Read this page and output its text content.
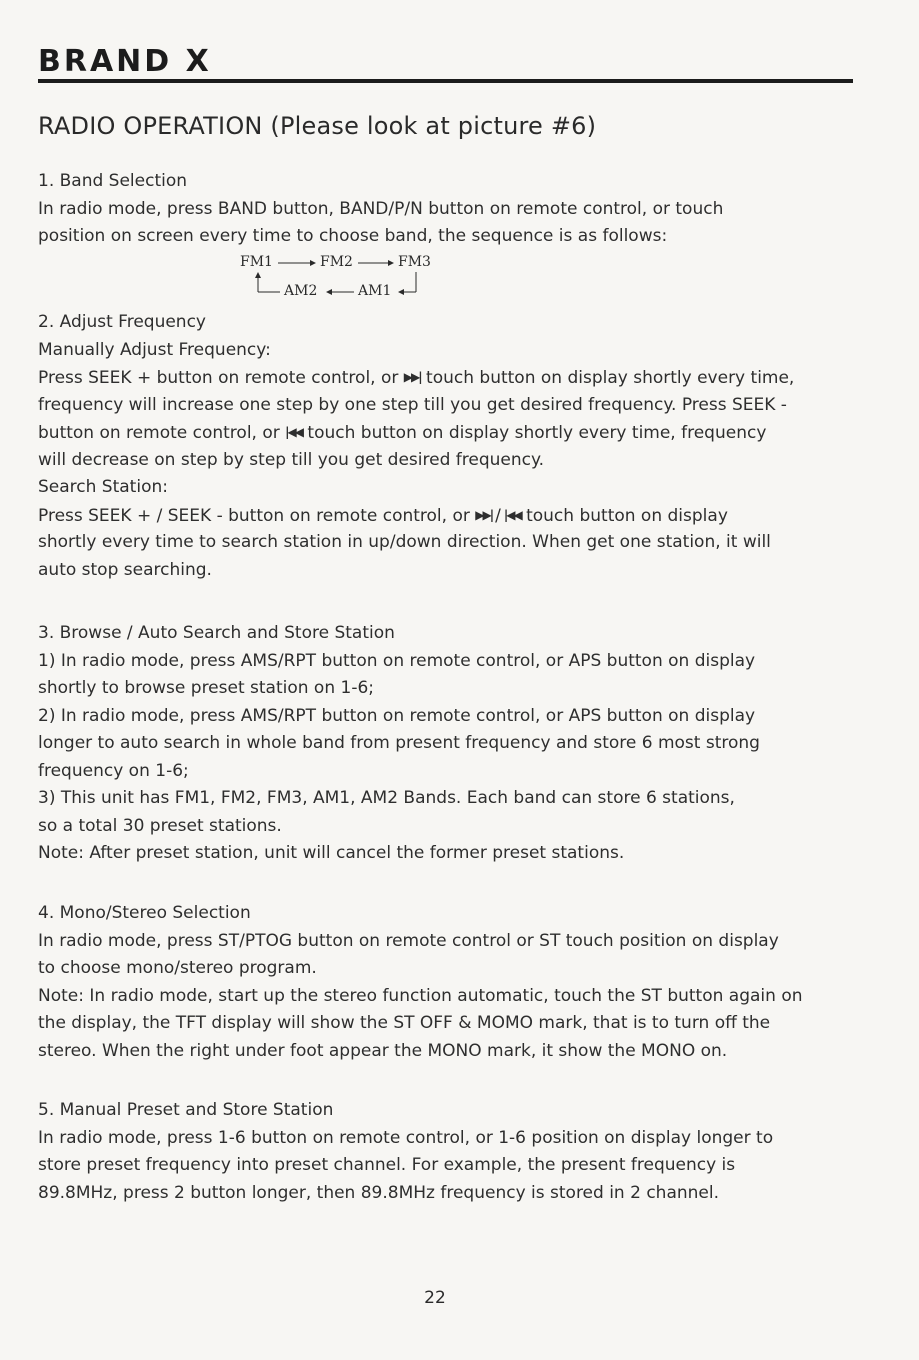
BRAND X
RADIO OPERATION (Please look at picture #6)
1. Band Selection
In radio mode, press BAND button, BAND/P/N button on remote control, or touch
position on screen every time to choose band, the sequence is as follows:
FM1	FM2	FM3
AM2	AM1
2. Adjust Frequency
Manually Adjust Frequency:
Press SEEK + button on remote control, or ▶▶| touch button on display shortly every time,
frequency will increase one step by one step till you get desired frequency. Press SEEK -
button on remote control, or |◀◀ touch button on display shortly every time, frequency
will decrease on step by step till you get desired frequency.
Search Station:
Press SEEK + / SEEK - button on remote control, or ▶▶| / |◀◀ touch button on display
shortly every time to search station in up/down direction. When get one station, it will
auto stop searching.
3. Browse / Auto Search and Store Station
1) In radio mode, press AMS/RPT button on remote control, or APS button on display
shortly to browse preset station on 1-6;
2) In radio mode, press AMS/RPT button on remote control, or APS button on display
longer to auto search in whole band from present frequency and store 6 most strong
frequency on 1-6;
3) This unit has FM1, FM2, FM3, AM1, AM2 Bands. Each band can store 6 stations,
so a total 30 preset stations.
Note: After preset station, unit will cancel the former preset stations.
4. Mono/Stereo Selection
In radio mode, press ST/PTOG button on remote control or ST touch position on display
to choose mono/stereo program.
Note: In radio mode, start up the stereo function automatic, touch the ST button again on
the display, the TFT display will show the ST OFF & MOMO mark, that is to turn off the
stereo. When the right under foot appear the MONO mark, it show the MONO on.
5. Manual Preset and Store Station
In radio mode, press 1-6 button on remote control, or 1-6 position on display longer to
store preset frequency into preset channel. For example, the present frequency is
89.8MHz, press 2 button longer, then 89.8MHz frequency is stored in 2 channel.
22
